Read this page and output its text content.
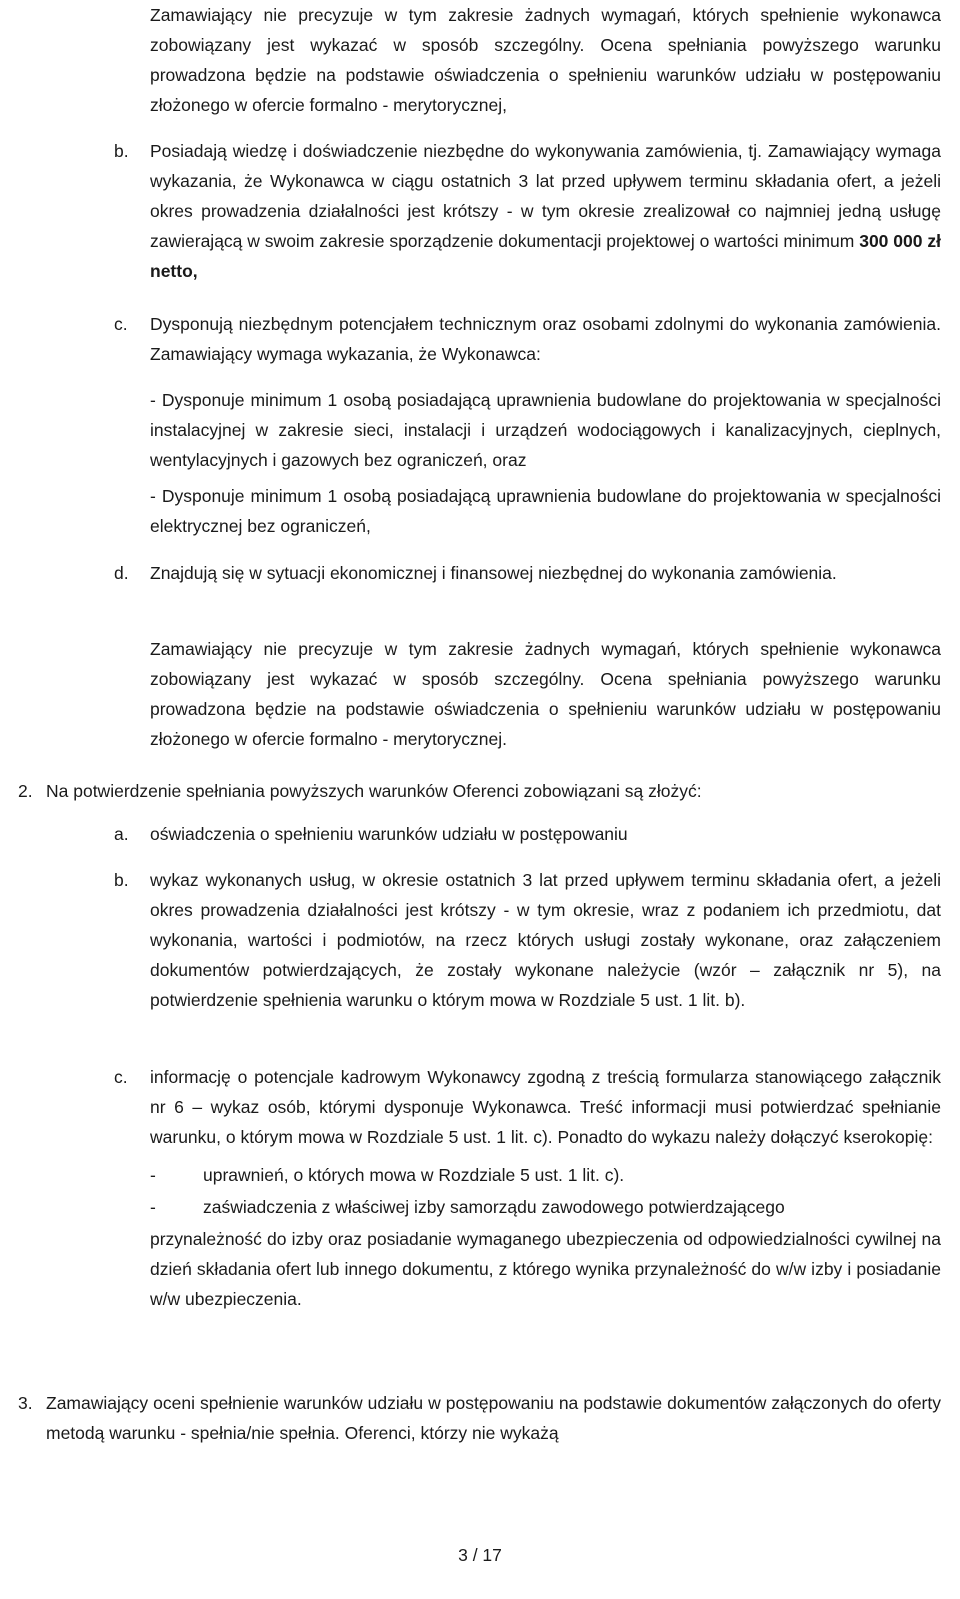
Zamawiający nie precyzuje w tym zakresie żadnych wymagań, których spełnienie wykonawca zobowiązany jest wykazać w sposób szczególny. Ocena spełniania powyższego warunku prowadzona będzie na podstawie oświadczenia o spełnieniu warunków udziału w postępowaniu złożonego w ofercie formalno - merytorycznej,

b. Posiadają wiedzę i doświadczenie niezbędne do wykonywania zamówienia, tj. Zamawiający wymaga wykazania, że Wykonawca w ciągu ostatnich 3 lat przed upływem terminu składania ofert, a jeżeli okres prowadzenia działalności jest krótszy - w tym okresie zrealizował co najmniej jedną usługę zawierającą w swoim zakresie sporządzenie dokumentacji projektowej o wartości minimum 300 000 zł netto,

c. Dysponują niezbędnym potencjałem technicznym oraz osobami zdolnymi do wykonania zamówienia. Zamawiający wymaga wykazania, że Wykonawca:

- Dysponuje minimum 1 osobą posiadającą uprawnienia budowlane do projektowania w specjalności instalacyjnej w zakresie sieci, instalacji i urządzeń wodociągowych i kanalizacyjnych, cieplnych, wentylacyjnych i gazowych bez ograniczeń, oraz

- Dysponuje minimum 1 osobą posiadającą uprawnienia budowlane do projektowania w specjalności elektrycznej bez ograniczeń,

d. Znajdują się w sytuacji ekonomicznej i finansowej niezbędnej do wykonania zamówienia.

Zamawiający nie precyzuje w tym zakresie żadnych wymagań, których spełnienie wykonawca zobowiązany jest wykazać w sposób szczególny. Ocena spełniania powyższego warunku prowadzona będzie na podstawie oświadczenia o spełnieniu warunków udziału w postępowaniu złożonego w ofercie formalno - merytorycznej.

2. Na potwierdzenie spełniania powyższych warunków Oferenci zobowiązani są złożyć:

a. oświadczenia o spełnieniu warunków udziału w postępowaniu

b. wykaz wykonanych usług, w okresie ostatnich 3 lat przed upływem terminu składania ofert, a jeżeli okres prowadzenia działalności jest krótszy - w tym okresie, wraz z podaniem ich przedmiotu, dat wykonania, wartości i podmiotów, na rzecz których usługi zostały wykonane, oraz załączeniem dokumentów potwierdzających, że zostały wykonane należycie (wzór – załącznik nr 5), na potwierdzenie spełnienia warunku o którym mowa w Rozdziale 5 ust. 1 lit. b).

c. informację o potencjale kadrowym Wykonawcy zgodną z treścią formularza stanowiącego załącznik nr 6 – wykaz osób, którymi dysponuje Wykonawca. Treść informacji musi potwierdzać spełnianie warunku, o którym mowa w Rozdziale 5 ust. 1 lit. c). Ponadto do wykazu należy dołączyć kserokopię:

-	uprawnień, o których mowa w Rozdziale 5 ust. 1 lit. c).
-	zaświadczenia z właściwej izby samorządu zawodowego potwierdzającego

przynależność do izby oraz posiadanie wymaganego ubezpieczenia od odpowiedzialności cywilnej na dzień składania ofert lub innego dokumentu, z którego wynika przynależność do w/w izby i posiadanie w/w ubezpieczenia.

3. Zamawiający oceni spełnienie warunków udziału w postępowaniu na podstawie dokumentów załączonych do oferty metodą warunku - spełnia/nie spełnia. Oferenci, którzy nie wykażą

3 / 17
